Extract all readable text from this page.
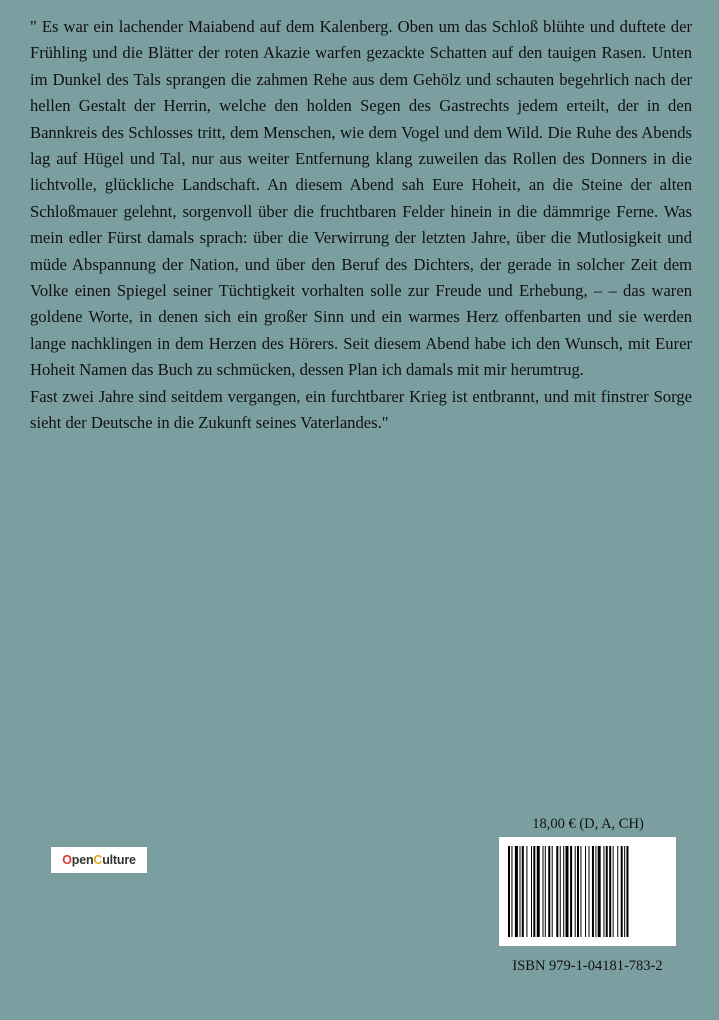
" Es war ein lachender Maiabend auf dem Kalenberg. Oben um das Schloß blühte und duftete der Frühling und die Blätter der roten Akazie warfen gezackte Schatten auf den tauigen Rasen. Unten im Dunkel des Tals sprangen die zahmen Rehe aus dem Gehölz und schauten begehrlich nach der hellen Gestalt der Herrin, welche den holden Segen des Gastrechts jedem erteilt, der in den Bannkreis des Schlosses tritt, dem Menschen, wie dem Vogel und dem Wild. Die Ruhe des Abends lag auf Hügel und Tal, nur aus weiter Entfernung klang zuweilen das Rollen des Donners in die lichtvolle, glückliche Landschaft. An diesem Abend sah Eure Hoheit, an die Steine der alten Schloßmauer gelehnt, sorgenvoll über die fruchtbaren Felder hinein in die dämmrige Ferne. Was mein edler Fürst damals sprach: über die Verwirrung der letzten Jahre, über die Mutlosigkeit und müde Abspannung der Nation, und über den Beruf des Dichters, der gerade in solcher Zeit dem Volke einen Spiegel seiner Tüchtigkeit vorhalten solle zur Freude und Erhebung, – – das waren goldene Worte, in denen sich ein großer Sinn und ein warmes Herz offenbarten und sie werden lange nachklingen in dem Herzen des Hörers. Seit diesem Abend habe ich den Wunsch, mit Eurer Hoheit Namen das Buch zu schmücken, dessen Plan ich damals mit mir herumtrug.

Fast zwei Jahre sind seitdem vergangen, ein furchtbarer Krieg ist entbrannt, und mit finstrer Sorge sieht der Deutsche in die Zukunft seines Vaterlandes."

OpenCulture
18,00 € (D, A, CH)
ISBN 979-1-04181-783-2
